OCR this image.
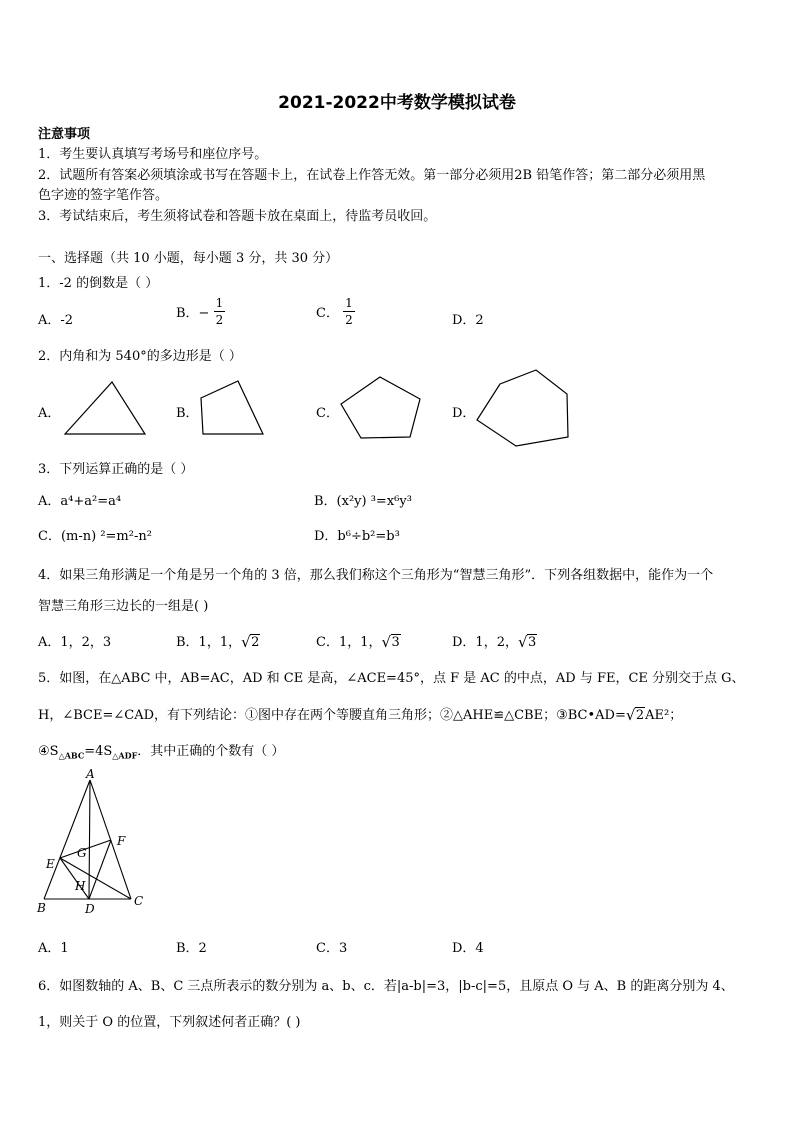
2021-2022中考数学模拟试卷
注意事项
1．考生要认真填写考场号和座位序号。
2．试题所有答案必须填涂或书写在答题卡上，在试卷上作答无效。第一部分必须用2B 铅笔作答；第二部分必须用黑
色字迹的签字笔作答。
3．考试结束后，考生须将试卷和答题卡放在桌面上，待监考员收回。
一、选择题（共 10 小题，每小题 3 分，共 30 分）
1．-2 的倒数是（ ）
A．-2	B．− $\frac{1}{2}$	C． $\frac{1}{2}$	D．2
2．内角和为 540°的多边形是（ ）
A．	B．	C．	D．
3．下列运算正确的是（ ）
A．a⁴+a²=a⁴	B．(x²y) ³=x⁶y³
C．(m-n) ²=m²-n²	D．b⁶÷b²=b³
4．如果三角形满足一个角是另一个角的 3 倍，那么我们称这个三角形为“智慧三角形”．下列各组数据中，能作为一个
智慧三角形三边长的一组是( )
A．1，2，3	B．1，1， √ 2	C．1，1， √ 3	D．1，2， √ 3
5．如图，在△ABC 中，AB=AC，AD 和 CE 是高，∠ACE=45°，点 F 是 AC 的中点，AD 与 FE，CE 分别交于点 G、
H，∠BCE=∠CAD，有下列结论：①图中存在两个等腰直角三角形；②△AHE≌△CBE；③BC•AD= √ 2AE²；
$④S_{\triangle ABC}=4S_{\triangle ADF}$．其中正确的个数有（ ）
A
F
G
E
H
B	D
C
A．1	B．2	C．3	D．4
6．如图数轴的 A、B、C 三点所表示的数分别为 a、b、c．若|a-b|=3，|b-c|=5，且原点 O 与 A、B 的距离分别为 4、
1，则关于 O 的位置，下列叙述何者正确？( )
